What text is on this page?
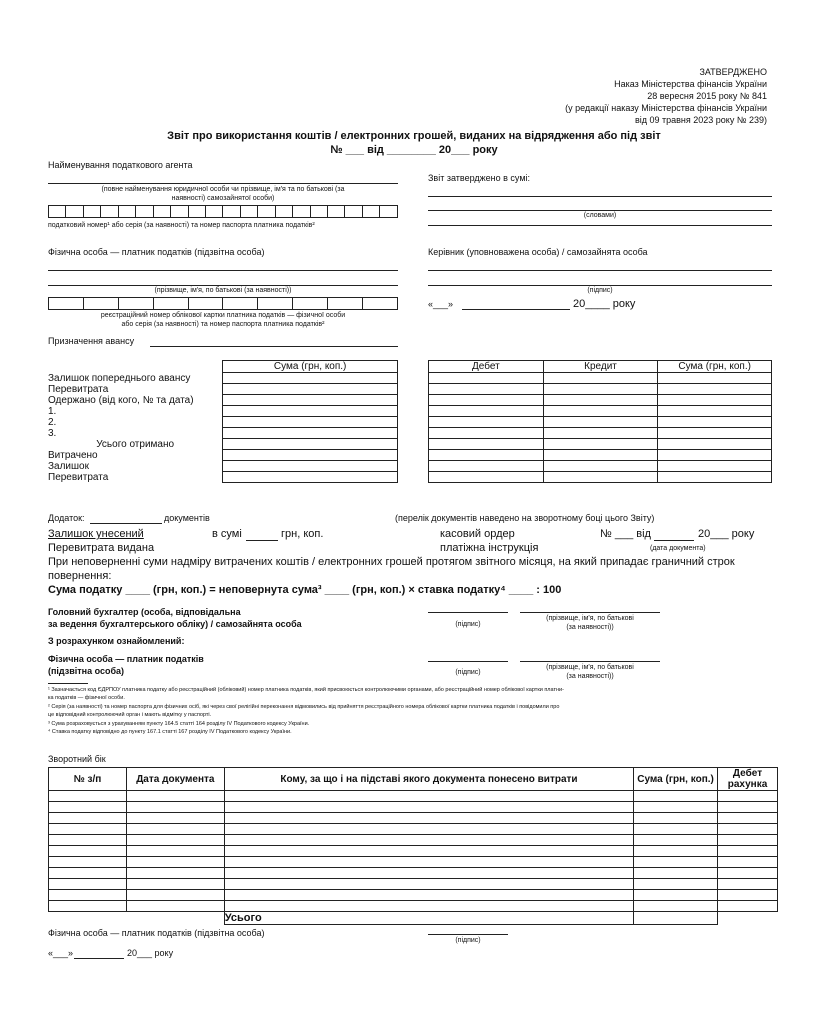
ЗАТВЕРДЖЕНО
Наказ Міністерства фінансів України
28 вересня 2015 року № 841
(у редакції наказу Міністерства фінансів України
від 09 травня 2023 року № 239)
Звіт про використання коштів / електронних грошей, виданих на відрядження або під звіт
№ ___ від ________ 20___ року
Найменування податкового агента
(повне найменування юридичної особи чи прізвище, ім'я та по батькові (за
наявності) самозайнятої особи)

податковий номер¹ або серія (за наявності) та номер паспорта платника податків²
Звіт затверджено в сумі:
(словами)
Фізична особа — платник податків (підзвітна особа)
(прізвище, ім'я, по батькові (за наявності))

реєстраційний номер облікової картки платника податків — фізичної особи
або серія (за наявності) та номер паспорта платника податків²
Призначення авансу
Керівник (уповноважена особа) / самозайнята особа
(підпис)
«___»	20____ року
	Сума (грн, коп.)
Залишок попереднього авансу	
Перевитрата	
Одержано (від кого, № та дата)	
1.	
2.	
3.	
Усього отримано	
Витрачено	
Залишок	
Перевитрата	
Дебет	Кредит	Сума (грн, коп.)

Додаток:	документів	(перелік документів наведено на зворотному боці цього Звіту)
Залишок унесений	в сумі	грн, коп.	касовий ордер	№ ___ від	20___ року
Перевитрата видана	платіжна інструкція	(дата документа)
При неповерненні суми надміру витрачених коштів / електронних грошей протягом звітного місяця, на який припадає граничний строк
повернення:
Сума податку ____ (грн, коп.) = неповернута сума³ ____ (грн, коп.) × ставка податку⁴ ____ : 100
Головний бухгалтер (особа, відповідальна
за ведення бухгалтерського обліку) / самозайнята особа	(підпис)
(прізвище, ім'я, по батькові
(за наявності))
З розрахунком ознайомлений:
Фізична особа — платник податків
(підзвітна особа)	(підпис)
(прізвище, ім'я, по батькові
(за наявності))
¹ Зазначається код ЄДРПОУ платника податку або реєстраційний (обліковий) номер платника податків, який присвоюється контролюючими органами, або реєстраційний номер облікової картки платни-
ка податків — фізичної особи.
² Серія (за наявності) та номер паспорта для фізичних осіб, які через свої релігійні переконання відмовились від прийняття реєстраційного номера облікової картки платника податків і повідомили про
це відповідний контролюючий орган і мають відмітку у паспорті.
³ Сума розраховується з урахуванням пункту 164.5 статті 164 розділу IV Податкового кодексу України.
⁴ Ставка податку відповідно до пункту 167.1 статті 167 розділу IV Податкового кодексу України.
Зворотний бік
№ з/п	Дата документа	Кому, за що і на підставі якого документа понесено витрати	Сума (грн, коп.)	Дебет рахунка

		Усього		
Фізична особа — платник податків (підзвітна особа)
(підпис)
«___»	20___ року
